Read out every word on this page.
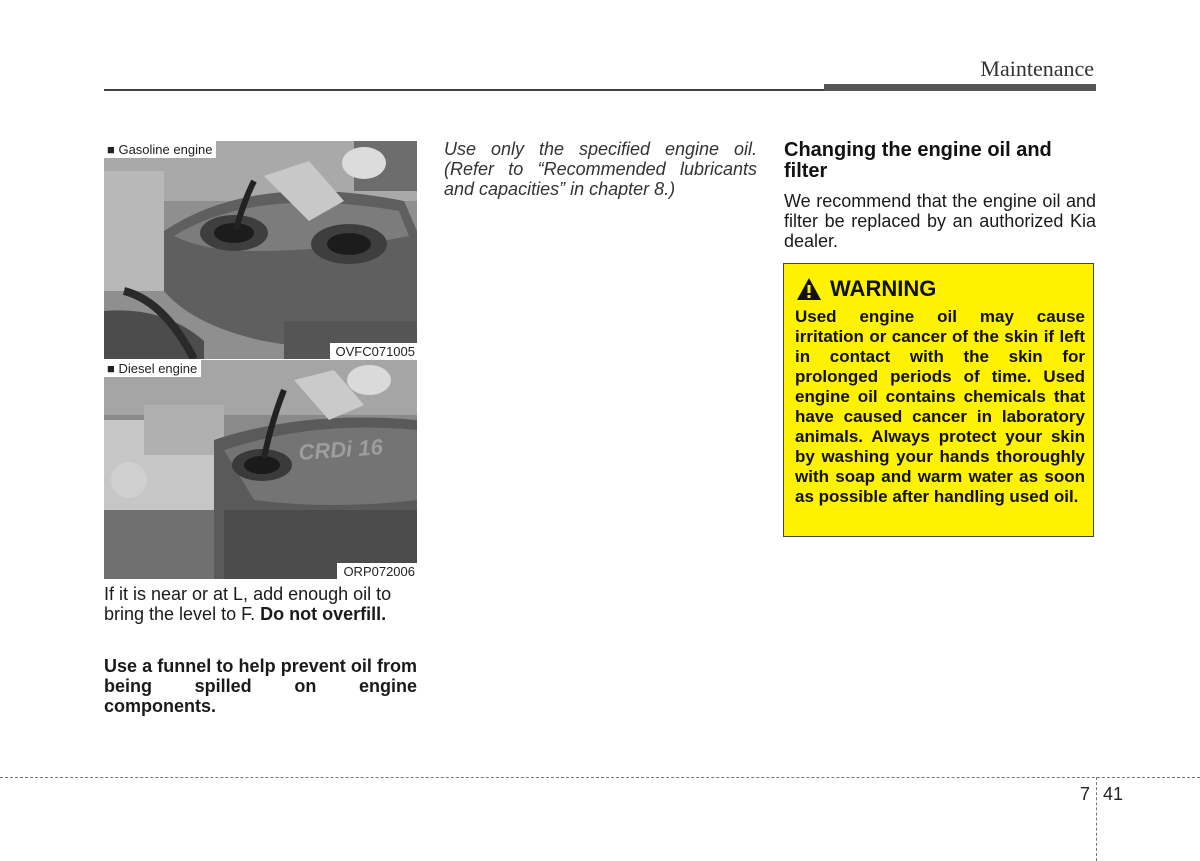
Maintenance
■ Gasoline engine
OVFC071005
■ Diesel engine
CRDi 16
ORP072006
If it is near or at L, add enough oil to bring the level to F. Do not overfill.
Use a funnel to help prevent oil from being spilled on engine components.
Use only the specified engine oil. (Refer to “Recommended lubricants and capacities” in chapter 8.)
Changing the engine oil and filter
We recommend that the engine oil and filter be replaced by an authorized Kia dealer.
WARNING
Used engine oil may cause irritation or cancer of the skin if left in contact with the skin for prolonged periods of time. Used engine oil contains chemicals that have caused cancer in laboratory animals. Always protect your skin by washing your hands thoroughly with soap and warm water as soon as possible after handling used oil.
7 41
